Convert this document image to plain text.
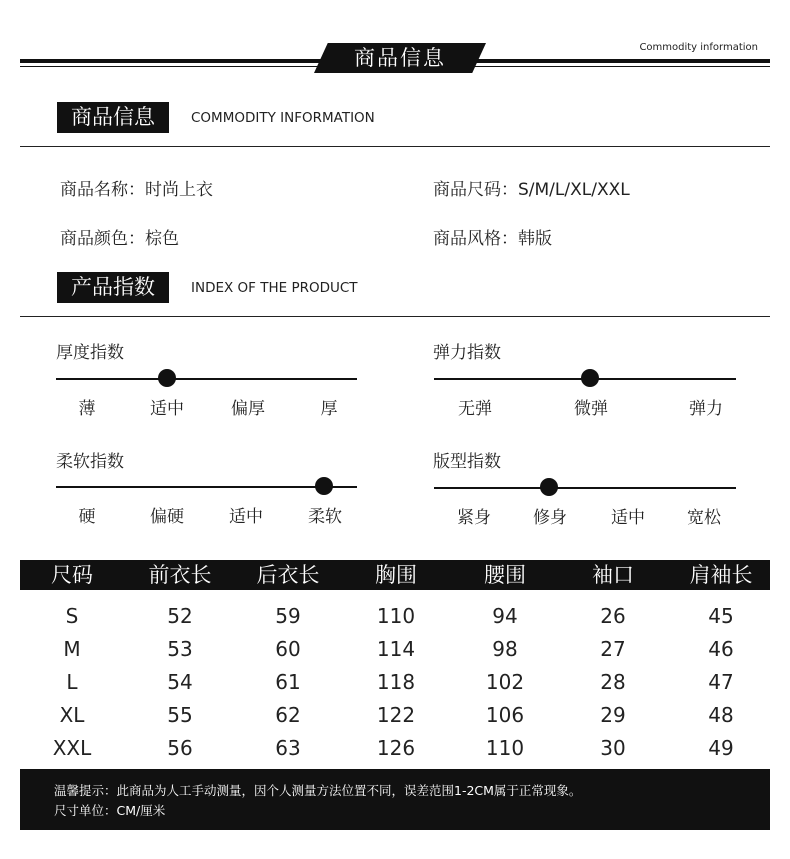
商品信息	Commodity information
商品信息	COMMODITY INFORMATION
商品名称：时尚上衣	商品尺码：S/M/L/XL/XXL
商品颜色：棕色	商品风格：韩版
产品指数	INDEX OF THE PRODUCT
厚度指数
薄	适中	偏厚	厚
弹力指数
无弹	微弹	弹力
柔软指数
硬	偏硬	适中	柔软
版型指数
紧身	修身	适中	宽松
尺码	前衣长	后衣长	胸围	腰围	袖口	肩袖长
S	52	59	110	94	26	45
M	53	60	114	98	27	46
L	54	61	118	102	28	47
XL	55	62	122	106	29	48
XXL	56	63	126	110	30	49
温馨提示：此商品为人工手动测量，因个人测量方法位置不同，误差范围1-2CM属于正常现象。
尺寸单位：CM/厘米
